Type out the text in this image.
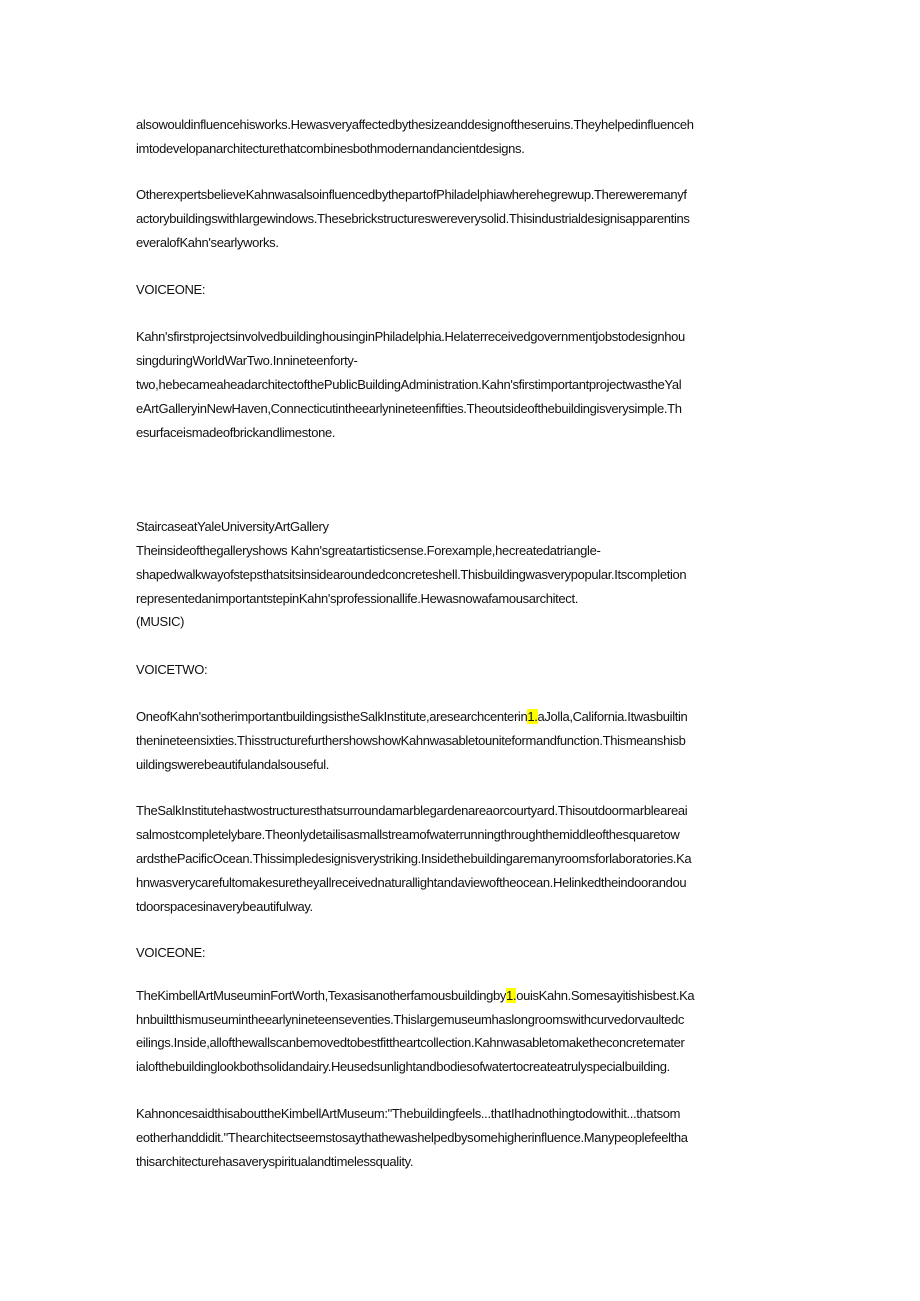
alsowouldinfluencehisworks.Hewasveryaffectedbythesizeanddesignoftheseruins.Theyhelpedinfluenceh
imtodevelopanarchitecturethatcombinesbothmodernandancientdesigns.
OtherexpertsbelieveKahnwasalsoinfluencedbythepartofPhiladelphiawherehegrewup.Thereweremanyf
actorybuildingswithlargewindows.Thesebrickstructureswereverysolid.Thisindustrialdesignisapparentins
everalofKahn'searlyworks.
VOICEONE:
Kahn'sfirstprojectsinvolvedbuildinghousinginPhiladelphia.Helaterreceivedgovernmentjobstodesignhou
singduringWorldWarTwo.Innineteenforty-
two,hebecameaheadarchitectofthePublicBuildingAdministration.Kahn'sfirstimportantprojectwastheYal
eArtGalleryinNewHaven,Connecticutintheearlynineteenfifties.Theoutsideofthebuildingisverysimple.Th
esurfaceismadeofbrickandlimestone.
StaircaseatYaleUniversityArtGallery
Theinsideofthegalleryshows Kahn'sgreatartisticsense.Forexample,hecreatedatriangle-
shapedwalkwayofstepsthatsitsinsidearoundedconcreteshell.Thisbuildingwasverypopular.Itscompletion
representedanimportantstepinKahn'sprofessionallife.Hewasnowafamousarchitect.
(MUSIC)
VOICETWO:
OneofKahn'sotherimportantbuildingsistheSalkInstitute,aresearchcenterin1.aJolla,California.Itwasbuiltin
thenineteensixties.ThisstructurefurthershowshowKahnwasabletouniteformandfunction.Thismeanshisb
uildingswerebeautifulandalsouseful.
TheSalkInstitutehastwostructuresthatsurroundamarblegardenareaorcourtyard.Thisoutdoormarbleareai
salmostcompletelybare.Theonlydetailisasmallstreamofwaterrunningthroughthemiddleofthesquaretow
ardsthePacificOcean.Thissimpledesignisverystriking.Insidethebuildingaremanyroomsforlaboratories.Ka
hnwasverycarefultomakesuretheyallreceivednaturallightandaviewoftheocean.Helinkedtheindoorandou
tdoorspacesinaverybeautifulway.
VOICEONE:
TheKimbellArtMuseuminFortWorth,Texasisanotherfamousbuildingby1.ouisKahn.Somesayitishisbest.Ka
hnbuiltthismuseumintheearlynineteenseventies.Thislargemuseumhaslongroomswithcurvedorvaultedc
eilings.Inside,allofthewallscanbemovedtobestfittheartcollection.Kahnwasabletomaketheconcretemater
ialofthebuildinglookbothsolidandairy.Heusedsunlightandbodiesofwatertocreateatrulyspecialbuilding.
KahnoncesaidthisabouttheKimbellArtMuseum:"Thebuildingfeels...thatIhadnothingtodowithit...thatsom
eotherhanddidit."Thearchitectseemstosaythathewashelpedbysomehigherinfluence.Manypeoplefeeltha
thisarchitecturehasaveryspiritualandtimelessquality.
